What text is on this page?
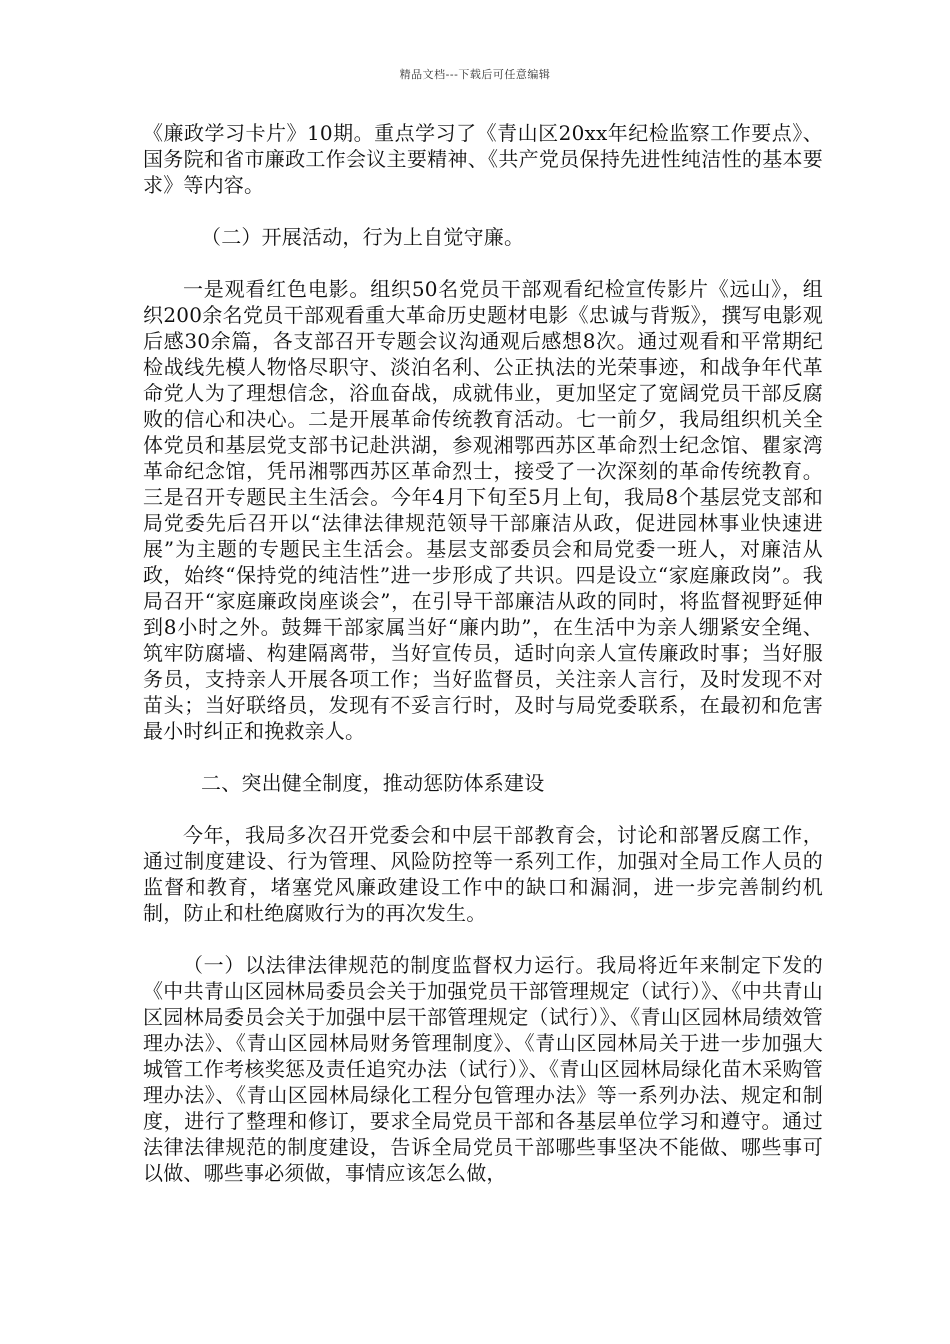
精品文档---下载后可任意编辑

《廉政学习卡片》10期。重点学习了《青山区20xx年纪检监察工作要点》、国务院和省市廉政工作会议主要精神、《共产党员保持先进性纯洁性的基本要求》等内容。

（二）开展活动，行为上自觉守廉。

一是观看红色电影。组织50名党员干部观看纪检宣传影片《远山》，组织200余名党员干部观看重大革命历史题材电影《忠诚与背叛》，撰写电影观后感30余篇，各支部召开专题会议沟通观后感想8次。通过观看和平常期纪检战线先模人物恪尽职守、淡泊名利、公正执法的光荣事迹，和战争年代革命党人为了理想信念，浴血奋战，成就伟业，更加坚定了宽阔党员干部反腐败的信心和决心。二是开展革命传统教育活动。七一前夕，我局组织机关全体党员和基层党支部书记赴洪湖，参观湘鄂西苏区革命烈士纪念馆、瞿家湾革命纪念馆，凭吊湘鄂西苏区革命烈士，接受了一次深刻的革命传统教育。三是召开专题民主生活会。今年4月下旬至5月上旬，我局8个基层党支部和局党委先后召开以“法律法律规范领导干部廉洁从政，促进园林事业快速进展”为主题的专题民主生活会。基层支部委员会和局党委一班人，对廉洁从政，始终“保持党的纯洁性”进一步形成了共识。四是设立“家庭廉政岗”。我局召开“家庭廉政岗座谈会”，在引导干部廉洁从政的同时，将监督视野延伸到8小时之外。鼓舞干部家属当好“廉内助”，在生活中为亲人绷紧安全绳、筑牢防腐墙、构建隔离带，当好宣传员，适时向亲人宣传廉政时事；当好服务员，支持亲人开展各项工作；当好监督员，关注亲人言行，及时发现不对苗头；当好联络员，发现有不妥言行时，及时与局党委联系，在最初和危害最小时纠正和挽救亲人。

二、突出健全制度，推动惩防体系建设

今年，我局多次召开党委会和中层干部教育会，讨论和部署反腐工作，通过制度建设、行为管理、风险防控等一系列工作，加强对全局工作人员的监督和教育，堵塞党风廉政建设工作中的缺口和漏洞，进一步完善制约机制，防止和杜绝腐败行为的再次发生。

（一）以法律法律规范的制度监督权力运行。我局将近年来制定下发的《中共青山区园林局委员会关于加强党员干部管理规定（试行）》、《中共青山区园林局委员会关于加强中层干部管理规定（试行）》、《青山区园林局绩效管理办法》、《青山区园林局财务管理制度》、《青山区园林局关于进一步加强大城管工作考核奖惩及责任追究办法（试行）》、《青山区园林局绿化苗木采购管理办法》、《青山区园林局绿化工程分包管理办法》等一系列办法、规定和制度，进行了整理和修订，要求全局党员干部和各基层单位学习和遵守。通过法律法律规范的制度建设，告诉全局党员干部哪些事坚决不能做、哪些事可以做、哪些事必须做，事情应该怎么做，
